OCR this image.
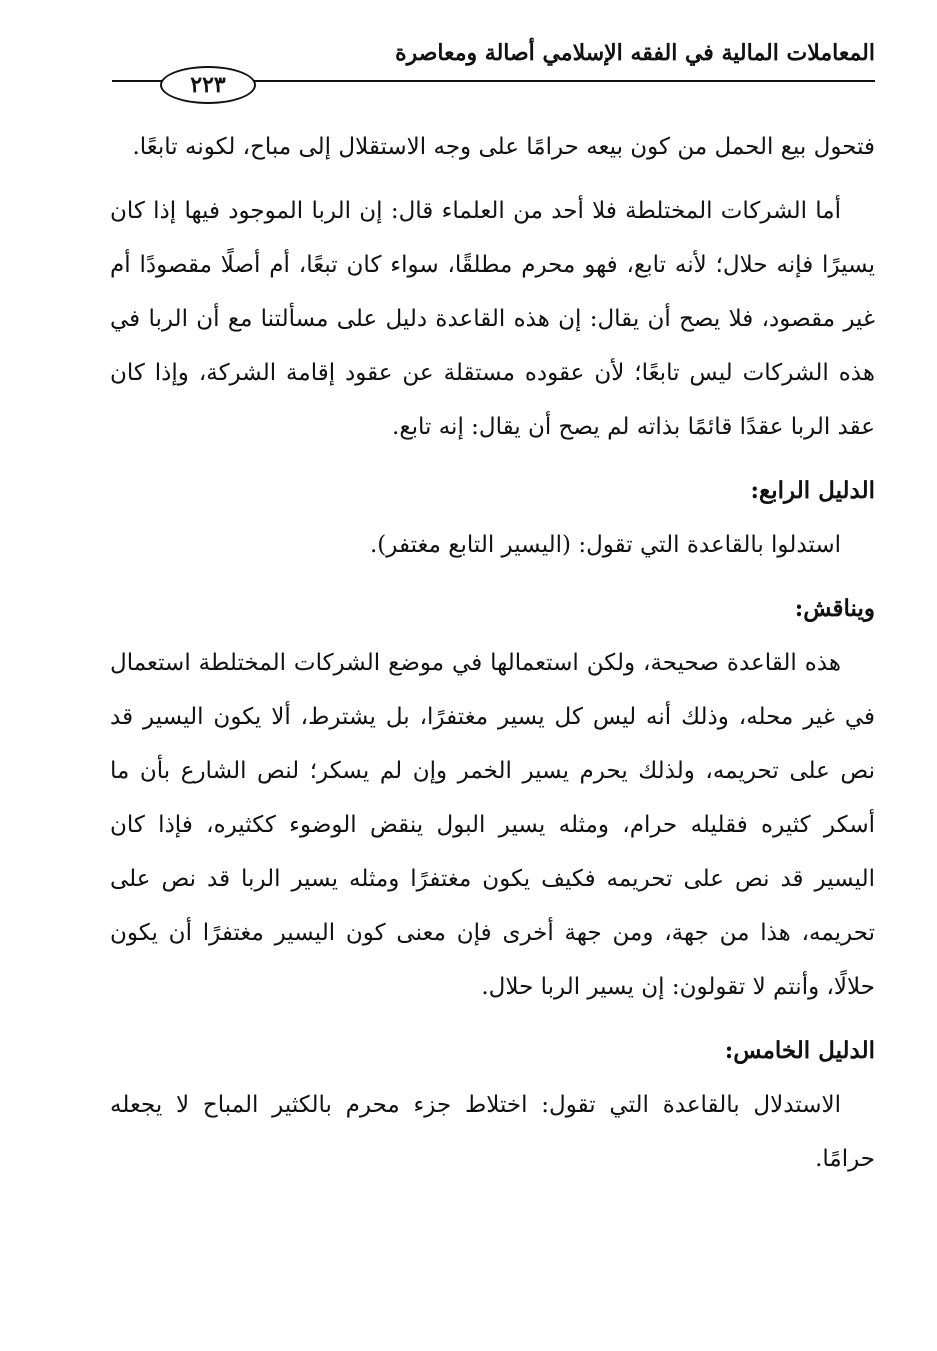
المعاملات المالية في الفقه الإسلامي أصالة ومعاصرة
٢٢٣

فتحول بيع الحمل من كون بيعه حرامًا على وجه الاستقلال إلى مباح، لكونه تابعًا.

أما الشركات المختلطة فلا أحد من العلماء قال: إن الربا الموجود فيها إذا كان يسيرًا فإنه حلال؛ لأنه تابع، فهو محرم مطلقًا، سواء كان تبعًا، أم أصلًا مقصودًا أم غير مقصود، فلا يصح أن يقال: إن هذه القاعدة دليل على مسألتنا مع أن الربا في هذه الشركات ليس تابعًا؛ لأن عقوده مستقلة عن عقود إقامة الشركة، وإذا كان عقد الربا عقدًا قائمًا بذاته لم يصح أن يقال: إنه تابع.

الدليل الرابع:

استدلوا بالقاعدة التي تقول: (اليسير التابع مغتفر).

ويناقش:

هذه القاعدة صحيحة، ولكن استعمالها في موضع الشركات المختلطة استعمال في غير محله، وذلك أنه ليس كل يسير مغتفرًا، بل يشترط، ألا يكون اليسير قد نص على تحريمه، ولذلك يحرم يسير الخمر وإن لم يسكر؛ لنص الشارع بأن ما أسكر كثيره فقليله حرام، ومثله يسير البول ينقض الوضوء ككثيره، فإذا كان اليسير قد نص على تحريمه فكيف يكون مغتفرًا ومثله يسير الربا قد نص على تحريمه، هذا من جهة، ومن جهة أخرى فإن معنى كون اليسير مغتفرًا أن يكون حلالًا، وأنتم لا تقولون: إن يسير الربا حلال.

الدليل الخامس:

الاستدلال بالقاعدة التي تقول: اختلاط جزء محرم بالكثير المباح لا يجعله حرامًا.
